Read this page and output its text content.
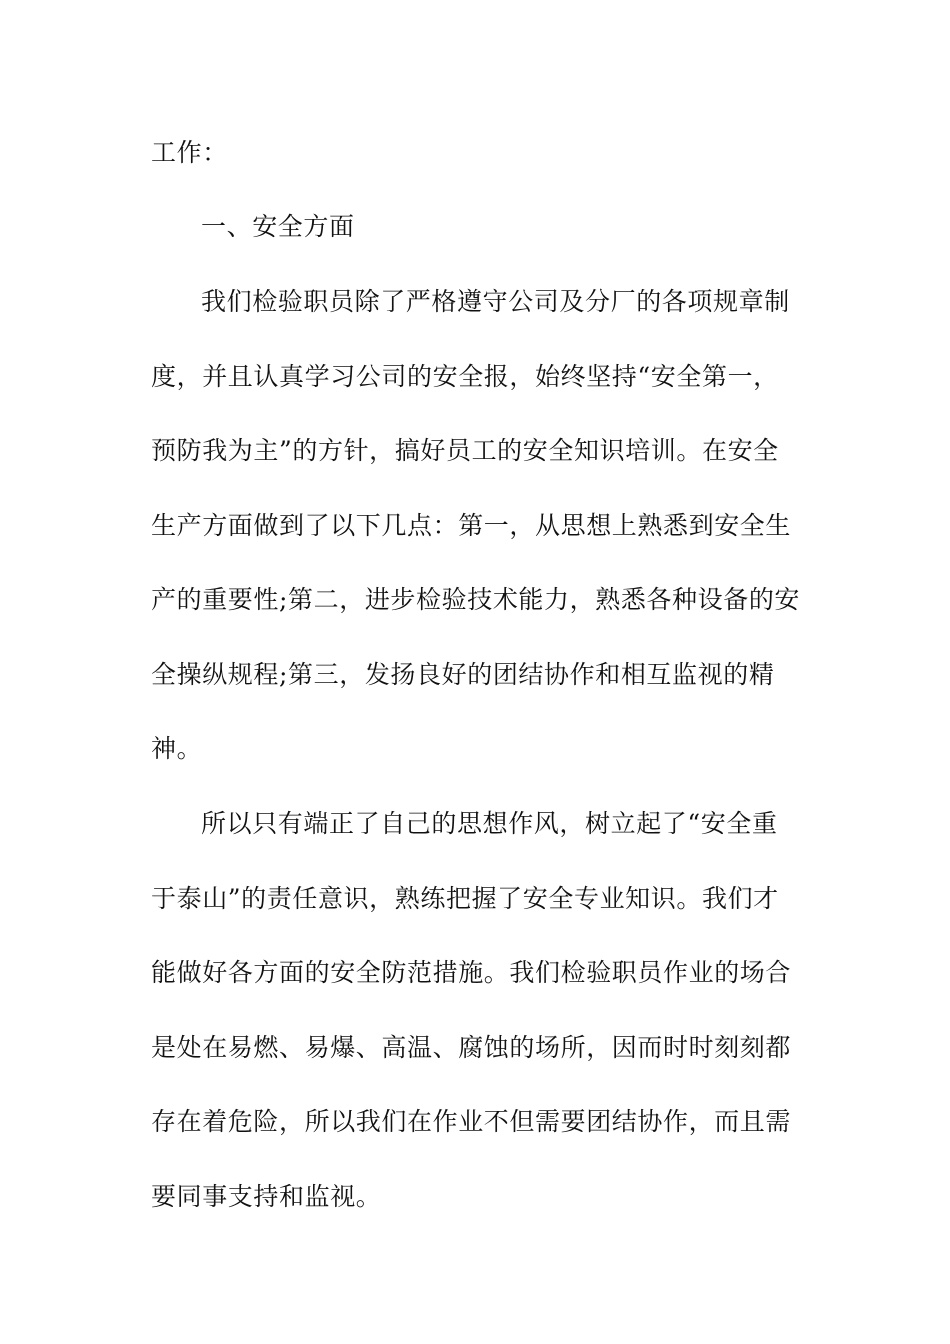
工作：
一、安全方面
我们检验职员除了严格遵守公司及分厂的各项规章制
度，并且认真学习公司的安全报，始终坚持“安全第一，
预防我为主”的方针，搞好员工的安全知识培训。在安全
生产方面做到了以下几点：第一，从思想上熟悉到安全生
产的重要性;第二，进步检验技术能力，熟悉各种设备的安
全操纵规程;第三，发扬良好的团结协作和相互监视的精
神。
所以只有端正了自己的思想作风，树立起了“安全重
于泰山”的责任意识，熟练把握了安全专业知识。我们才
能做好各方面的安全防范措施。我们检验职员作业的场合
是处在易燃、易爆、高温、腐蚀的场所，因而时时刻刻都
存在着危险，所以我们在作业不但需要团结协作，而且需
要同事支持和监视。
